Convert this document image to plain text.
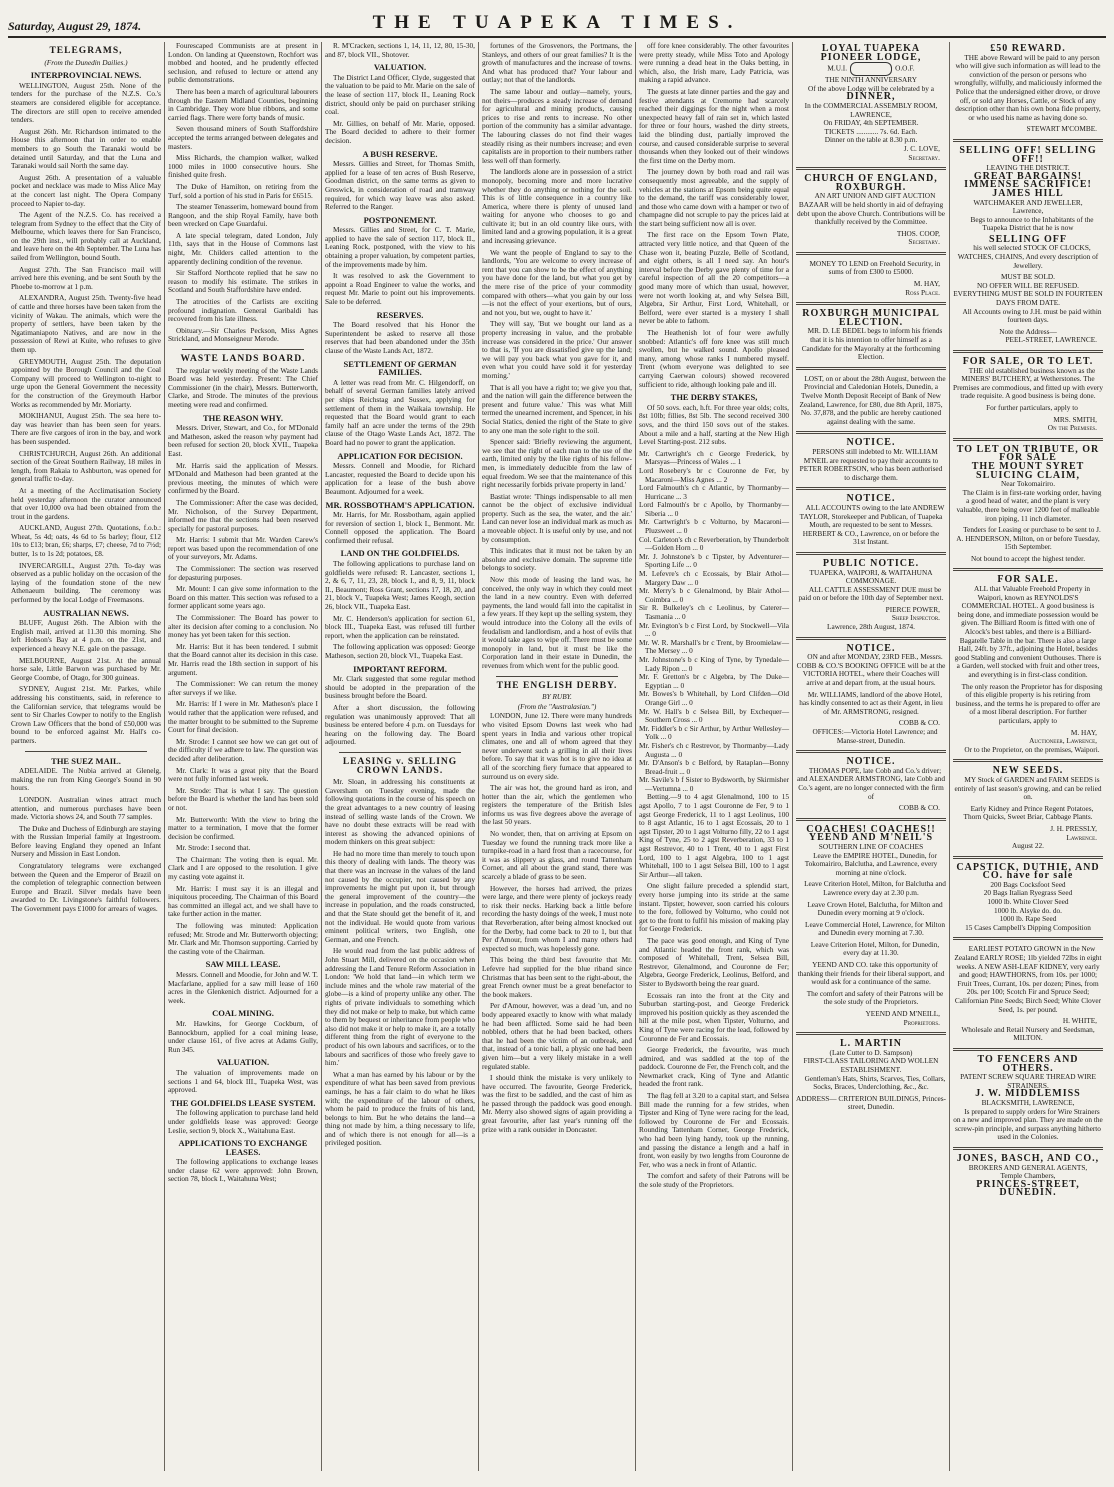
Saturday, August 29, 1874.	THE TUAPEKA TIMES.
TELEGRAMS,
(From the Dunedin Dailies.)
INTERPROVINCIAL NEWS.

WELLINGTON, August 25th. None of the tenders for the purchase of the N.Z.S. Co.'s steamers are considered eligible for acceptance. The directors are still open to receive amended tenders.

August 26th. Mr. Richardson intimated to the House this afternoon that in order to enable members to go South the Taranaki would be detained until Saturday, and that the Luna and Taranaki would sail North the same day.

August 26th. A presentation of a valuable pocket and necklace was made to Miss Alice May at the concert last night. The Opera Company proceed to Napier to-day.

The Agent of the N.Z.S. Co. has received a telegram from Sydney to the effect that the City of Melbourne, which leaves there for San Francisco, on the 29th inst., will probably call at Auckland, and leave here on the 4th September. The Luna has sailed from Wellington, bound South.

August 27th. The San Francisco mail will arrived here this evening, and be sent South by the Phoebe to-morrow at 1 p.m.

ALEXANDRA, August 25th. Twenty-five head of cattle and three horses have been taken from the vicinity of Wakau. The animals, which were the property of settlers, have been taken by the Ngatimaniapoto Natives, and are now in the possession of Rewi at Kuite, who refuses to give them up.

GREYMOUTH, August 25th. The deputation appointed by the Borough Council and the Coal Company will proceed to Wellington to-night to urge upon the General Government the necessity for the construction of the Greymouth Harbor Works as recommended by Mr. Moriarty.

MOKIHANUI, August 25th. The sea here to-day was heavier than has been seen for years. There are five cargoes of iron in the bay, and work has been suspended.

CHRISTCHURCH, August 26th. An additional section of the Great Southern Railway, 18 miles in length, from Rakaia to Ashburton, was opened for general traffic to-day.

At a meeting of the Acclimatisation Society held yesterday afternoon the curator announced that over 10,000 ova had been obtained from the trout in the gardens.

AUCKLAND, August 27th. Quotations, f.o.b.: Wheat, 5s 4d; oats, 4s 6d to 5s barley; flour, £12 10s to £13; bran, £6; sharps, £7; cheese, 7d to 7½d; butter, 1s to 1s 2d; potatoes, £8.

INVERCARGILL, August 27th. To-day was observed as a public holiday on the occasion of the laying of the foundation stone of the new Athenaeum building. The ceremony was performed by the local Lodge of Freemasons.

AUSTRALIAN NEWS.

BLUFF, August 26th. The Albion with the English mail, arrived at 11.30 this morning. She left Hobson's Bay at 4 p.m. on the 21st, and experienced a heavy N.E. gale on the passage.

MELBOURNE, August 21st. At the annual horse sale, Little Barwon was purchased by Mr. George Coombe, of Otago, for 300 guineas.

SYDNEY, August 21st. Mr. Parkes, while addressing his constituents, said, in reference to the Californian service, that telegrams would be sent to Sir Charles Cowper to notify to the English Crown Law Officers that the bond of £50,000 was bound to be enforced against Mr. Hall's co-partners.

THE SUEZ MAIL.

ADELAIDE. The Nubia arrived at Glenelg, making the run from King George's Sound in 90 hours.

LONDON. Australian wines attract much attention, and numerous purchases have been made. Victoria shows 24, and South 77 samples.

The Duke and Duchess of Edinburgh are staying with the Russian Imperial family at Ingestroom. Before leaving England they opened an Infant Nursery and Mission in East London.

Congratulatory telegrams were exchanged between the Queen and the Emperor of Brazil on the completion of telegraphic connection between Europe and Brazil. Silver medals have been awarded to Dr. Livingstone's faithful followers. The Government pays £1000 for arrears of wages.

Fourescaped Communists are at present in London. On landing at Queenstown, Rochfort was mobbed and hooted, and he prudently effected seclusion, and refused to lecture or attend any public demonstrations.

There has been a march of agricultural labourers through the Eastern Midland Counties, beginning in Cambridge. They wore blue ribbons, and some carried flags. There were forty bands of music.

Seven thousand miners of South Staffordshire accepted the terms arranged between delegates and masters.

Miss Richards, the champion walker, walked 1000 miles in 1000 consecutive hours. She finished quite fresh.

The Duke of Hamilton, on retiring from the Turf, sold a portion of his stud in Paris for £6515.

The steamer Tenasserim, homeward bound from Rangoon, and the ship Royal Family, have both been wrecked on Cape Guardafui.

A late special telegram, dated London, July 11th, says that in the House of Commons last night, Mr. Childers called attention to the apparently declining condition of the revenue.

Sir Stafford Northcote replied that he saw no reason to modify his estimate. The strikes in Scotland and South Staffordshire have ended.

The atrocities of the Carlists are exciting profound indignation. General Garibaldi has recovered from his late illness.

Obituary.—Sir Charles Peckson, Miss Agnes Strickland, and Monseigneur Merode.

WASTE LANDS BOARD.

The regular weekly meeting of the Waste Lands Board was held yesterday. Present: The Chief Commissioner (in the chair), Messrs. Butterworth, Clarke, and Strode. The minutes of the previous meeting were read and confirmed.

THE REASON WHY.

Messrs. Driver, Stewart, and Co., for M'Donald and Matheson, asked the reason why payment had been refused for section 20, block XVII., Tuapeka East.

Mr. Harris said the application of Messrs. M'Donald and Matheson had been granted at the previous meeting, the minutes of which were confirmed by the Board.

The Commissioner: After the case was decided, Mr. Nicholson, of the Survey Department, informed me that the sections had been reserved specially for pastoral purposes.

Mr. Harris: I submit that Mr. Warden Carew's report was based upon the recommendation of one of your surveyors, Mr. Adams.

The Commissioner: The section was reserved for depasturing purposes.

Mr. Mount: I can give some information to the Board on this matter. This section was refused to a former applicant some years ago.

The Commissioner: The Board has power to alter its decision after coming to a conclusion. No money has yet been taken for this section.

Mr. Harris: But it has been tendered. I submit that the Board cannot alter its decision in this case. Mr. Harris read the 18th section in support of his argument.

The Commissioner: We can return the money after surveys if we like.

Mr. Harris: If I were in Mr. Matheson's place I would rather that the application were refused, and the matter brought to be submitted to the Supreme Court for final decision.

Mr. Strode: I cannot see how we can get out of the difficulty if we adhere to law. The question was decided after deliberation.

Mr. Clark: It was a great pity that the Board were not fully informed last week.

Mr. Strode: That is what I say. The question before the Board is whether the land has been sold or not.

Mr. Butterworth: With the view to bring the matter to a termination, I move that the former decision be confirmed.

Mr. Strode: I second that.

The Chairman: The voting then is equal. Mr. Clark and I are opposed to the resolution. I give my casting vote against it.

Mr. Harris: I must say it is an illegal and iniquitous proceeding. The Chairman of this Board has committed an illegal act, and we shall have to take further action in the matter.

The following was minuted: Application refused; Mr. Strode and Mr. Butterworth objecting; Mr. Clark and Mr. Thomson supporting. Carried by the casting vote of the Chairman.

SAW MILL LEASE.

Messrs. Connell and Moodie, for John and W. T. Macfarlane, applied for a saw mill lease of 160 acres in the Glenkenich district. Adjourned for a week.

COAL MINING.

Mr. Hawkins, for George Cockburn, of Bannockburn, applied for a coal mining lease, under clause 161, of five acres at Adams Gully, Run 345.

VALUATION.

The valuation of improvements made on sections 1 and 64, block III., Tuapeka West, was approved.

THE GOLDFIELDS LEASE SYSTEM.

The following application to purchase land held under goldfields lease was approved: George Leslie, section 9, block X., Waitahuna East.

APPLICATIONS TO EXCHANGE LEASES.

The following applications to exchange leases under clause 62 were approved: John Brown, section 78, block I., Waitahuna West;

R. M'Cracken, sections 1, 14, 11, 12, 80, 15-30, and 87, block VII., Shotover.

VALUATION.

The District Land Officer, Clyde, suggested that the valuation to be paid to Mr. Marie on the sale of the lease of section 117, block II., Leaning Rock district, should only be paid on purchaser striking coal.

Mr. Gillies, on behalf of Mr. Marie, opposed. The Board decided to adhere to their former decision.

A BUSH RESERVE.

Messrs. Gillies and Street, for Thomas Smith, applied for a lease of ten acres of Bush Reserve, Goodman district, on the same terms as given to Greswick, in consideration of road and tramway required, for which way leave was also asked. Referred to the Ranger.

POSTPONEMENT.

Messrs. Gillies and Street, for C. T. Marie, applied to have the sale of section 117, block II., Leaning Rock, postponed, with the view to his obtaining a proper valuation, by competent parties, of the improvements made by him.

It was resolved to ask the Government to appoint a Road Engineer to value the works, and request Mr. Marie to point out his improvements. Sale to be deferred.

RESERVES.

The Board resolved that his Honor the Superintendent be asked to reserve all those reserves that had been abandoned under the 35th clause of the Waste Lands Act, 1872.

SETTLEMENT OF GERMAN FAMILIES.

A letter was read from Mr. C. Hilgendorff, on behalf of several German families lately arrived per ships Reichstag and Sussex, applying for settlement of them in the Waikaia township. He requested that the Board would grant to each family half an acre under the terms of the 29th clause of the Otago Waste Lands Act, 1872. The Board had no power to grant the application.

APPLICATION FOR DECISION.

Messrs. Connell and Moodie, for Richard Lancaster, requested the Board to decide upon his application for a lease of the bush above Beaumont. Adjourned for a week.

MR. ROSSBOTHAM'S APPLICATION.

Mr. Harris, for Mr. Rossbotham, again applied for reversion of section 1, block I., Benmont. Mr. Connell opposed the application. The Board confirmed their refusal.

LAND ON THE GOLDFIELDS.

The following applications to purchase land on goldfields were refused: R. Lancaster, sections 1, 2, & 6, 7, 11, 23, 28, block I., and 8, 9, 11, block II., Beaumont; Ross Grant, sections 17, 18, 20, and 21, block V., Tuapeka West; James Keogh, section 26, block VII., Tuapeka East.

Mr. C. Henderson's application for section 61, block III., Tuapeka East, was refused till further report, when the application can be reinstated.

The following application was opposed: George Matheson, section 20, block VI., Tuapeka East.

IMPORTANT REFORM.

Mr. Clark suggested that some regular method should be adopted in the preparation of the business brought before the Board.

After a short discussion, the following regulation was unanimously approved: That all business be entered before 4 p.m. on Tuesdays for hearing on the following day. The Board adjourned.

LEASING v. SELLING CROWN LANDS.

Mr. Sloan, in addressing his constituents at Caversham on Tuesday evening, made the following quotations in the course of his speech on the great advantages to a new country of leasing instead of selling waste lands of the Crown. We have no doubt these extracts will be read with interest as showing the advanced opinions of modern thinkers on this great subject:

He had no more time than merely to touch upon this theory of dealing with lands. The theory was that there was an increase in the values of the land not caused by the occupier, not caused by any improvements he might put upon it, but through the general improvement of the country—the increase in population, and the roads constructed, and that the State should get the benefit of it, and not the individual. He would quote from various eminent political writers, two English, one German, and one French.

He would read from the last public address of John Stuart Mill, delivered on the occasion when addressing the Land Tenure Reform Association in London: 'We hold that land—in which term we include mines and the whole raw material of the globe—is a kind of property unlike any other. The rights of private individuals to something which they did not make or help to make, but which came to them by bequest or inheritance from people who also did not make it or help to make it, are a totally different thing from the right of everyone to the product of his own labours and sacrifices, or to the labours and sacrifices of those who freely gave to him.'

What a man has earned by his labour or by the expenditure of what has been saved from previous earnings, he has a fair claim to do what he likes with; the expenditure of the labour of others, whom he paid to produce the fruits of his land, belongs to him. But he who detains the land—a thing not made by him, a thing necessary to life, and of which there is not enough for all—is a privileged position.

fortunes of the Grosvenors, the Portmans, the Stanleys, and others of our great families? It is the growth of manufactures and the increase of towns. And what has produced that? Your labour and outlay; not that of the landlords.

The same labour and outlay—namely, yours, not theirs—produces a steady increase of demand for agricultural and mining products, causing prices to rise and rents to increase. No other portion of the community has a similar advantage. The labouring classes do not find their wages steadily rising as their numbers increase; and even capitalists are in proportion to their numbers rather less well off than formerly.

The landlords alone are in possession of a strict monopoly, becoming more and more lucrative whether they do anything or nothing for the soil. This is of little consequence in a country like America, where there is plenty of unused land waiting for anyone who chooses to go and cultivate it; but in an old country like ours, with limited land and a growing population, it is a great and increasing grievance.

We want the people of England to say to the landlords, 'You are welcome to every increase of rent that you can show to be the effect of anything you have done for the land, but what you get by the mere rise of the price of your commodity compared with others—what you gain by our loss—is not the effect of your exertions, but of ours, and not you, but we, ought to have it.'

They will say, 'But we bought our land as a property increasing in value, and the probable increase was considered in the price.' Our answer to that is, 'If you are dissatisfied give up the land; we will pay you back what you gave for it, and even what you could have sold it for yesterday morning.'

That is all you have a right to; we give you that, and the nation will gain the difference between the present and future value.' This was what Mill termed the unearned increment, and Spencer, in his Social Statics, denied the right of the State to give to any one man the sole right to the soil.

Spencer said: 'Briefly reviewing the argument, we see that the right of each man to the use of the earth, limited only by the like rights of his fellow-men, is immediately deducible from the law of equal freedom. We see that the maintenance of this right necessarily forbids private property in land.'

Bastiat wrote: 'Things indispensable to all men cannot be the object of exclusive individual property. Such as the sea, the water, and the air.' Land can never lose an individual mark as much as a moveable object. It is useful only by use, and not by consumption.

This indicates that it must not be taken by an absolute and exclusive domain. The supreme title belongs to society.

Now this mode of leasing the land was, he conceived, the only way in which they could meet the land in a new country. Even with deferred payments, the land would fall into the capitalist in a few years. If they kept up the selling system, they would introduce into the Colony all the evils of feudalism and landlordism, and a host of evils that it would take ages to wipe off. There must be some monopoly in land, but it must be like the Corporation land in their estate in Dunedin, the revenues from which went for the public good.

THE ENGLISH DERBY.
BY RUBY.
(From the "Australasian.")

LONDON, June 12. There were many hundreds who visited Epsom Downs last week who had spent years in India and various other tropical climates, one and all of whom agreed that they never underwent such a grilling in all their lives before. To say that it was hot is to give no idea at all of the scorching fiery furnace that appeared to surround us on every side.

The air was hot, the ground hard as iron, and hotter than the air, which the gentlemen who registers the temperature of the British Isles informs us was five degrees above the average of the last 50 years.

No wonder, then, that on arriving at Epsom on Tuesday we found the running track more like a turnpike-road in a hard frost than a racecourse, for it was as slippery as glass, and round Tattenham Corner, and all about the grand stand, there was scarcely a blade of grass to be seen.

However, the horses had arrived, the prizes were large, and there were plenty of jockeys ready to risk their necks. Harking back a little before recording the hasty doings of the week, I must note that Reverberation, after being almost knocked out for the Derby, had come back to 20 to 1, but that Per d'Amour, from whom I and many others had expected so much, was hopelessly gone.

This being the third best favourite that Mr. Lefevre had supplied for the blue riband since Christmas that has been sent to the right-about, the great French owner must be a great benefactor to the book makers.

Per d'Amour, however, was a dead 'un, and no body appeared exactly to know with what malady he had been afflicted. Some said he had been nobbled, others that he had been backed, others that he had been the victim of an outbreak, and that, instead of a tonic ball, a physic one had been given him—but a very likely mistake in a well regulated stable.

I should think the mistake is very unlikely to have occurred. The favourite, George Frederick, was the first to be saddled, and the cast of him as he passed through the paddock was good enough. Mr. Merry also showed signs of again providing a great favourite, after last year's running off the prize with a rank outsider in Doncaster.

off fore knee considerably. The other favourites were pretty steady, while Miss Toto and Apology were running a dead heat in the Oaks betting, in which, also, the Irish mare, Lady Patricia, was making a rapid advance.

The guests at late dinner parties and the gay and festive attendants at Cremorne had scarcely reached their diggings for the night when a most unexpected heavy fall of rain set in, which lasted for three or four hours, washed the dirty streets, laid the blinding dust, partially improved the course, and caused considerable surprise to several thousands when they looked out of their windows the first time on the Derby morn.

The journey down by both road and rail was consequently most agreeable, and the supply of vehicles at the stations at Epsom being quite equal to the demand, the tariff was considerably lower, and those who came down with a hamper or two of champagne did not scruple to pay the prices laid at the start being sufficient now all is over.

The first race on the Epsom Town Plate, attracted very little notice, and that Queen of the Chase won it, beating Puzzle, Belle of Scotland, and eight others, is all I need say. An hour's interval before the Derby gave plenty of time for a careful inspection of all the 20 competitors—a good many more of which than usual, however, were not worth looking at, and why Selsea Bill, Algebra, Sir Arthur, First Lord, Whitehall, or Belford, were ever started is a mystery I shall never be able to fathom.

The Heathenish lot of four were awfully snobbed: Atlantic's off fore knee was still much swollen, but he walked sound. Apollo pleased many, among whose ranks I numbered myself. Trent (whom everyone was delighted to see carrying Caerwan colours) showed recovered sufficient to ride, although looking pale and ill.

THE DERBY STAKES,

Of 50 sovs. each, h.ft. For three year olds; colts, 8st 10lb; fillies, 8st 5lb. The second received 300 sovs, and the third 150 sovs out of the stakes. About a mile and a half, starting at the New High Level Starting-post. 212 subs.

Mr. Cartwright's ch c George Frederick, by Marsyas—Princess of Wales ... 1
Lord Rosebery's br c Couronne de Fer, by Macaroni—Miss Agnes ... 2
Lord Falmouth's ch c Atlantic, by Thormanby—Hurricane ... 3
Lord Falmouth's br c Apollo, by Thormanby—Siberia ... 0
Mr. Cartwright's b c Volturno, by Macaroni—Pluzsweet ... 0
Col. Carleton's ch c Reverberation, by Thunderbolt—Golden Horn ... 0
Mr. J. Johnstone's b c Tipster, by Adventurer—Sporting Life ... 0
M. Lefevre's ch c Ecossais, by Blair Athol—Margery Daw ... 0
Mr. Merry's b c Glenalmond, by Blair Athol—Coimbra ... 0
Sir R. Bulkeley's ch c Leolinus, by Caterer—Tasmania ... 0
Mr. Evington's b c First Lord, by Stockwell—Vila ... 0
Mr. W. R. Marshall's br c Trent, by Broomielaw—The Mersey ... 0
Mr. Johnstone's b c King of Tyne, by Tynedale—Lady Ripon ... 0
Mr. F. Gretton's br c Algebra, by The Duke—Egyptian ... 0
Mr. Bowes's b Whitehall, by Lord Clifden—Old Orange Girl ... 0
Mr. W. Hall's b c Selsea Bill, by Exchequer—Southern Cross ... 0
Mr. Fiddler's b c Sir Arthur, by Arthur Wellesley—Yolk ... 0
Mr. Fisher's ch c Restrevor, by Thormanby—Lady Augusta ... 0
Mr. D'Anson's b c Belford, by Rataplan—Bonny Bread-fruit ... 0
Mr. Savile's b f Sister to Bydsworth, by Skirmisher—Vertumna ... 0

Betting.—9 to 4 agst Glenalmond, 100 to 15 agst Apollo, 7 to 1 agst Couronne de Fer, 9 to 1 agst George Frederick, 11 to 1 agst Leolinus, 100 to 8 agst Atlantic, 16 to 1 agst Ecossais, 20 to 1 agst Tipster, 20 to 1 agst Volturno filly, 22 to 1 agst King of Tyne, 25 to 2 agst Reverberation, 33 to 1 agst Restrevor, 40 to 1 Trent, 40 to 1 agst First Lord, 100 to 1 agst Algebra, 100 to 1 agst Whitehall, 100 to 1 agst Selsea Bill, 100 to 1 agst Sir Arthur—all taken.

One slight failure preceded a splendid start, every horse jumping into its stride at the same instant. Tipster, however, soon carried his colours to the fore, followed by Volturno, who could not get to the front to fulfil his mission of making play for George Frederick.

The pace was good enough, and King of Tyne and Atlantic headed the front rank, which was composed of Whitehall, Trent, Selsea Bill, Restrevor, Glenalmond, and Couronne de Fer; Algebra, George Frederick, Leolinus, Belford, and Sister to Bydsworth being the rear guard.

Ecossais ran into the front at the City and Suburban starting-post, and George Frederick improved his position quickly as they ascended the hill at the mile post, when Tipster, Volturno, and King of Tyne were racing for the lead, followed by Couronne de Fer and Ecossais.

George Frederick, the favourite, was much admired, and was saddled at the top of the paddock. Couronne de Fer, the French colt, and the Newmarket crack, King of Tyne and Atlantic headed the front rank.

The flag fell at 3.20 to a capital start, and Selsea Bill made the running for a few strides, when Tipster and King of Tyne were racing for the lead, followed by Couronne de Fer and Ecossais. Rounding Tattenham Corner, George Frederick, who had been lying handy, took up the running, and passing the distance a length and a half in front, won easily by two lengths from Couronne de Fer, who was a neck in front of Atlantic.

The comfort and safety of their Patrons will be the sole study of the Proprietors.

LOYAL TUAPEKA PIONEER LODGE,
M.U.I.	O.O.F.
THE NINTH ANNIVERSARY
Of the above Lodge will be celebrated by a
DINNER,
In the COMMERCIAL ASSEMBLY ROOM, LAWRENCE,
On FRIDAY, 4th SEPTEMBER.
TICKETS ............ 7s. 6d. Each.
Dinner on the table at 8.30 p.m.
J. C. LOVE,
Secretary.
CHURCH OF ENGLAND, ROXBURGH.

AN ART UNION AND GIFT AUCTION BAZAAR will be held shortly in aid of defraying debt upon the above Church. Contributions will be thankfully received by the Committee.

THOS. COOP,
Secretary.

MONEY TO LEND on Freehold Security, in sums of from £300 to £5000.

M. HAY,
Ross Place.
ROXBURGH MUNICIPAL ELECTION.

MR. D. LE BEDEL begs to inform his friends that it is his intention to offer himself as a Candidate for the Mayoralty at the forthcoming Election.

LOST, on or about the 28th August, between the Provincial and Caledonian Hotels, Dunedin, a Twelve Month Deposit Receipt of Bank of New Zealand, Lawrence, for £80, due 8th April, 1875, No. 37,878, and the public are hereby cautioned against dealing with the same.

NOTICE.

PERSONS still indebted to Mr. WILLIAM M'NEIL are requested to pay their accounts to PETER ROBERTSON, who has been authorised to discharge them.

NOTICE.

ALL ACCOUNTS owing to the late ANDREW TAYLOR, Storekeeper and Publican, of Tuapeka Mouth, are requested to be sent to Messrs. HERBERT & CO., Lawrence, on or before the 31st Instant.

PUBLIC NOTICE.
TUAPEKA, WAIPORI, & WAITAHUNA COMMONAGE.

ALL CATTLE ASSESSMENT DUE must be paid on or before the 10th day of September next.

PIERCE POWER,
Sheep Inspector.
Lawrence, 28th August, 1874.
NOTICE.

ON and after MONDAY, 23RD FEB., Messrs. COBB & CO.'S BOOKING OFFICE will be at the VICTORIA HOTEL, where their Coaches will arrive at and depart from, at the usual hours.

Mr. WILLIAMS, landlord of the above Hotel, has kindly consented to act as their Agent, in lieu of Mr. ARMSTRONG, resigned.

COBB & CO.

OFFICES:—Victoria Hotel Lawrence; and Manse-street, Dunedin.

NOTICE.

THOMAS POPE, late Cobb and Co.'s driver; and ALEXANDER ARMSTRONG, late Cobb and Co.'s agent, are no longer connected with the firm of

COBB & CO.
COACHES! COACHES!!
YEEND AND M'NEIL'S
SOUTHERN LINE OF COACHES

Leave the EMPIRE HOTEL, Dunedin, for Tokomairiro, Balclutha, and Lawrence, every morning at nine o'clock.

Leave Criterion Hotel, Milton, for Balclutha and Lawrence every day at 2.30 p.m.

Leave Crown Hotel, Balclutha, for Milton and Dunedin every morning at 9 o'clock.

Leave Commercial Hotel, Lawrence, for Milton and Dunedin every morning at 7.30.

Leave Criterion Hotel, Milton, for Dunedin, every day at 11.30.

YEEND AND CO. take this opportunity of thanking their friends for their liberal support, and would ask for a continuance of the same.

The comfort and safety of their Patrons will be the sole study of the Proprietors.

YEEND AND M'NEILL,
Proprietors.
L. MARTIN
(Late Cutter to D. Sampson)
FIRST-CLASS TAILORING AND WOLLEN ESTABLISHMENT.

Gentleman's Hats, Shirts, Scarves, Ties, Collars, Socks, Braces, Underclothing, &c., &c.

ADDRESS— CRITERION BUILDINGS, Princes-street, Dunedin.
£50 REWARD.

THE above Reward will be paid to any person who will give such information as will lead to the conviction of the person or persons who wrongfully, wilfully, and maliciously informed the Police that the undersigned either drove, or drove off, or sold any Horses, Cattle, or Stock of any description other than his own bona fide property, or who used his name as having done so.

STEWART M'COMBE.
SELLING OFF! SELLING OFF!!
LEAVING THE DISTRICT.
GREAT BARGAINS! IMMENSE SACRIFICE!
JAMES HILL
WATCHMAKER AND JEWELLER,
Lawrence,

Begs to announce to the Inhabitants of the Tuapeka District that he is now

SELLING OFF

his well selected STOCK OF CLOCKS, WATCHES, CHAINS, And every description of Jewellery.

MUST BE SOLD.
NO OFFER WILL BE REFUSED.
EVERYTHING MUST BE SOLD IN FOURTEEN DAYS FROM DATE.

All Accounts owing to J.H. must be paid within fourteen days.

Note the Address—
PEEL-STREET, LAWRENCE.
FOR SALE, OR TO LET.

THE old established business known as the MINERS' BUTCHERY, at Wetherstones. The Premises are commodious, and fitted up with every trade requisite. A good business is being done.

For further particulars, apply to

MRS. SMITH,
On the Premises.
TO LET ON TRIBUTE, OR FOR SALE
THE MOUNT SYRET SLUICING CLAIM,
Near Tokomairiro.

The Claim is in first-rate working order, having a good head of water, and the plant is very valuable, there being over 1200 feet of malleable iron piping, 11 inch diameter.

Tenders for Leasing or purchase to be sent to J. A. HENDERSON, Milton, on or before Tuesday, 15th September.

Not bound to accept the highest tender.
FOR SALE.

ALL that Valuable Freehold Property in Waipori, known as REYNOLDS'S COMMERCIAL HOTEL. A good business is being done, and immediate possession would be given. The Billiard Room is fitted with one of Alcock's best tables, and there is a Billiard-Bagatelle Table in the bar. There is also a large Hall, 24ft. by 37ft., adjoining the Hotel, besides good Stabling and convenient Outhouses. There is a Garden, well stocked with fruit and other trees, and everything is in first-class condition.

The only reason the Proprietor has for disposing of this eligible property is his retiring from business, and the terms he is prepared to offer are of a most liberal description. For further particulars, apply to

M. HAY,
Auctioneer, Lawrence,

Or to the Proprietor, on the premises, Waipori.

NEW SEEDS.

MY Stock of GARDEN and FARM SEEDS is entirely of last season's growing, and can be relied on.

Early Kidney and Prince Regent Potatoes, Thorn Quicks, Sweet Briar, Cabbage Plants.

J. H. PRESSLY,
Lawrence.
August 22.
CAPSTICK, DUTHIE, AND CO. have for sale
200 Bags Cocksfoot Seed
20 Bags Italian Ryegrass Seed
1000 lb. White Clover Seed
1000 lb. Alsyke do. do.
1000 lb. Rape Seed
15 Cases Campbell's Dipping Composition

EARLIEST POTATO GROWN in the New Zealand EARLY ROSE; 1lb yielded 72lbs in eight weeks. A NEW ASH-LEAF KIDNEY, very early and good; HAWTHORNS, from 10s. per 1000; Fruit Trees, Currant, 10s. per dozen; Pines, from 20s. per 100; Scotch Fir and Spruce Seed; Californian Pine Seeds; Birch Seed; White Clover Seed, 1s. per pound.

H. WHITE,
Wholesale and Retail Nursery and Seedsman, MILTON.
TO FENCERS AND OTHERS.
PATENT SCREW SQUARE THREAD WIRE STRAINERS.
J. W. MIDDLEMISS
BLACKSMITH, LAWRENCE,

Is prepared to supply orders for Wire Strainers on a new and improved plan. They are made on the screw-pin principle, and surpass anything hitherto used in the Colonies.

JONES, BASCH, AND CO.,
BROKERS AND GENERAL AGENTS,
Temple Chambers,
PRINCES-STREET, DUNEDIN.
